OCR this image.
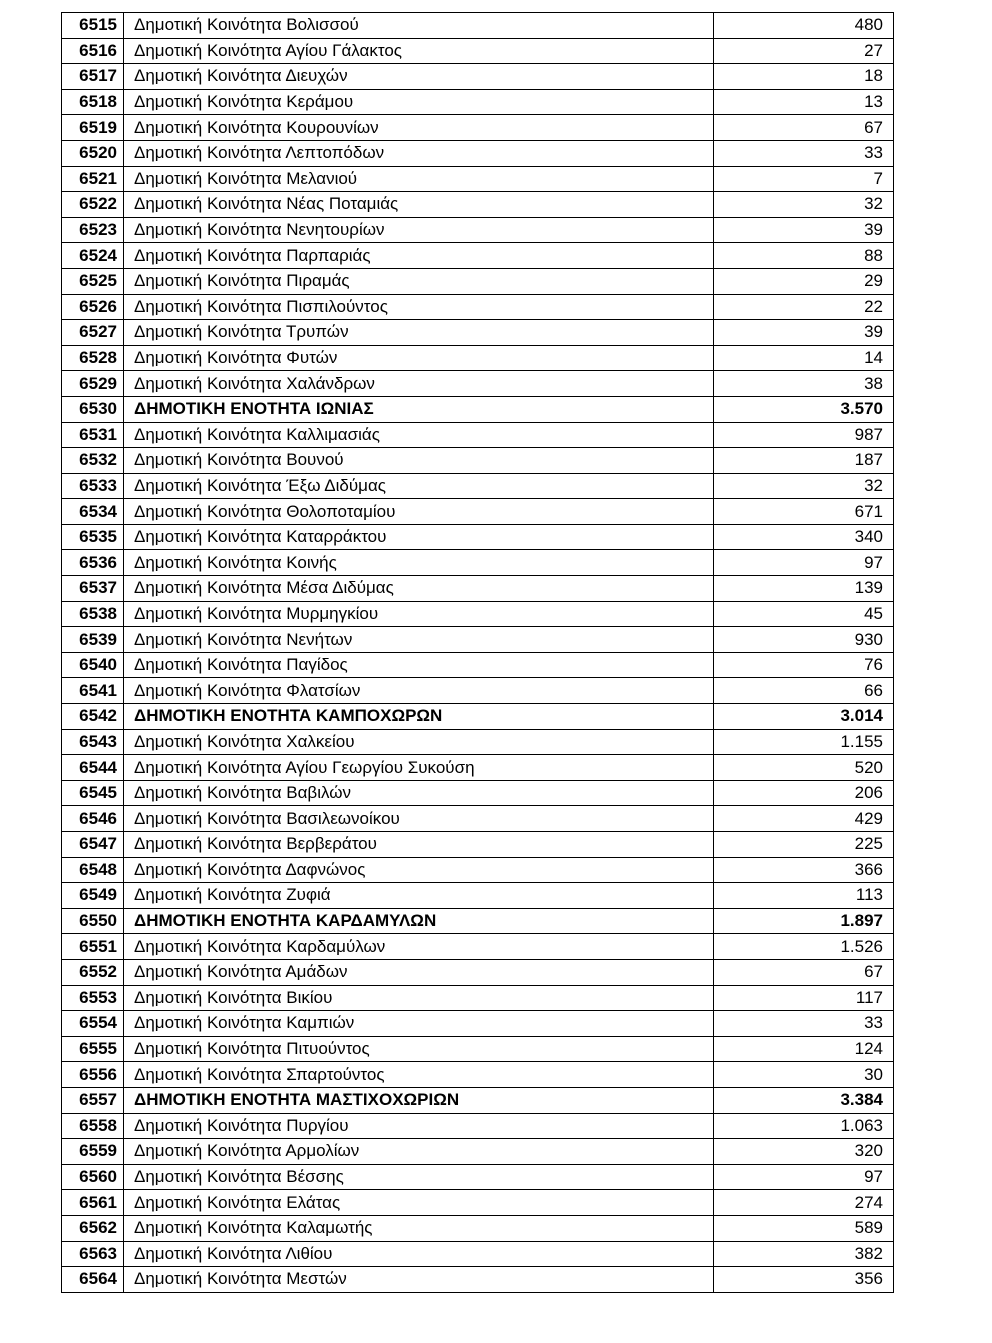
6515	Δημοτική Κοινότητα Βολισσού	480
6516	Δημοτική Κοινότητα Αγίου Γάλακτος	27
6517	Δημοτική Κοινότητα Διευχών	18
6518	Δημοτική Κοινότητα Κεράμου	13
6519	Δημοτική Κοινότητα Κουρουνίων	67
6520	Δημοτική Κοινότητα Λεπτοπόδων	33
6521	Δημοτική Κοινότητα Μελανιού	7
6522	Δημοτική Κοινότητα Νέας Ποταμιάς	32
6523	Δημοτική Κοινότητα Νενητουρίων	39
6524	Δημοτική Κοινότητα Παρπαριάς	88
6525	Δημοτική Κοινότητα Πιραμάς	29
6526	Δημοτική Κοινότητα Πισπιλούντος	22
6527	Δημοτική Κοινότητα Τρυπών	39
6528	Δημοτική Κοινότητα Φυτών	14
6529	Δημοτική Κοινότητα Χαλάνδρων	38
6530	ΔΗΜΟΤΙΚΗ ΕΝΟΤΗΤΑ ΙΩΝΙΑΣ	3.570
6531	Δημοτική Κοινότητα Καλλιμασιάς	987
6532	Δημοτική Κοινότητα Βουνού	187
6533	Δημοτική Κοινότητα Έξω Διδύμας	32
6534	Δημοτική Κοινότητα Θολοποταμίου	671
6535	Δημοτική Κοινότητα Καταρράκτου	340
6536	Δημοτική Κοινότητα Κοινής	97
6537	Δημοτική Κοινότητα Μέσα Διδύμας	139
6538	Δημοτική Κοινότητα Μυρμηγκίου	45
6539	Δημοτική Κοινότητα Νενήτων	930
6540	Δημοτική Κοινότητα Παγίδος	76
6541	Δημοτική Κοινότητα Φλατσίων	66
6542	ΔΗΜΟΤΙΚΗ ΕΝΟΤΗΤΑ ΚΑΜΠΟΧΩΡΩΝ	3.014
6543	Δημοτική Κοινότητα Χαλκείου	1.155
6544	Δημοτική Κοινότητα Αγίου Γεωργίου Συκούση	520
6545	Δημοτική Κοινότητα Βαβιλών	206
6546	Δημοτική Κοινότητα Βασιλεωνοίκου	429
6547	Δημοτική Κοινότητα Βερβεράτου	225
6548	Δημοτική Κοινότητα Δαφνώνος	366
6549	Δημοτική Κοινότητα Ζυφιά	113
6550	ΔΗΜΟΤΙΚΗ ΕΝΟΤΗΤΑ ΚΑΡΔΑΜΥΛΩΝ	1.897
6551	Δημοτική Κοινότητα Καρδαμύλων	1.526
6552	Δημοτική Κοινότητα Αμάδων	67
6553	Δημοτική Κοινότητα Βικίου	117
6554	Δημοτική Κοινότητα Καμπιών	33
6555	Δημοτική Κοινότητα Πιτυούντος	124
6556	Δημοτική Κοινότητα Σπαρτούντος	30
6557	ΔΗΜΟΤΙΚΗ ΕΝΟΤΗΤΑ ΜΑΣΤΙΧΟΧΩΡΙΩΝ	3.384
6558	Δημοτική Κοινότητα Πυργίου	1.063
6559	Δημοτική Κοινότητα Αρμολίων	320
6560	Δημοτική Κοινότητα Βέσσης	97
6561	Δημοτική Κοινότητα Ελάτας	274
6562	Δημοτική Κοινότητα Καλαμωτής	589
6563	Δημοτική Κοινότητα Λιθίου	382
6564	Δημοτική Κοινότητα Μεστών	356
